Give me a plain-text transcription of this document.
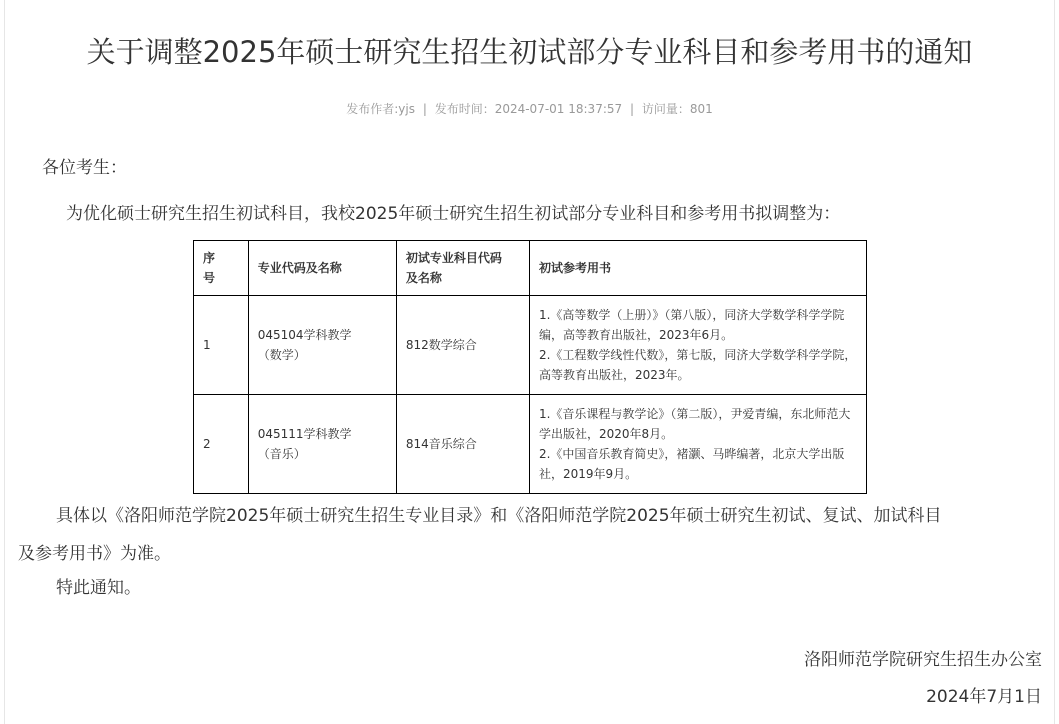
关于调整2025年硕士研究生招生初试部分专业科目和参考用书的通知
发布作者:yjs | 发布时间：2024-07-01 18:37:57 | 访问量：801
各位考生：
为优化硕士研究生招生初试科目，我校2025年硕士研究生招生初试部分专业科目和参考用书拟调整为：
序号	专业代码及名称	初试专业科目代码及名称	初试参考用书
1	045104学科教学（数学）	812数学综合	1.《高等数学（上册）》（第八版），同济大学数学科学学院编，高等教育出版社，2023年6月。
2.《工程数学线性代数》，第七版，同济大学数学科学学院，高等教育出版社，2023年。

2	045111学科教学（音乐）	814音乐综合	1.《音乐课程与教学论》（第二版），尹爱青编，东北师范大学出版社，2020年8月。
2.《中国音乐教育简史》，褚灏、马晔编著，北京大学出版社，2019年9月。
具体以《洛阳师范学院2025年硕士研究生招生专业目录》和《洛阳师范学院2025年硕士研究生初试、复试、加试科目
及参考用书》为准。
特此通知。
洛阳师范学院研究生招生办公室
2024年7月1日
